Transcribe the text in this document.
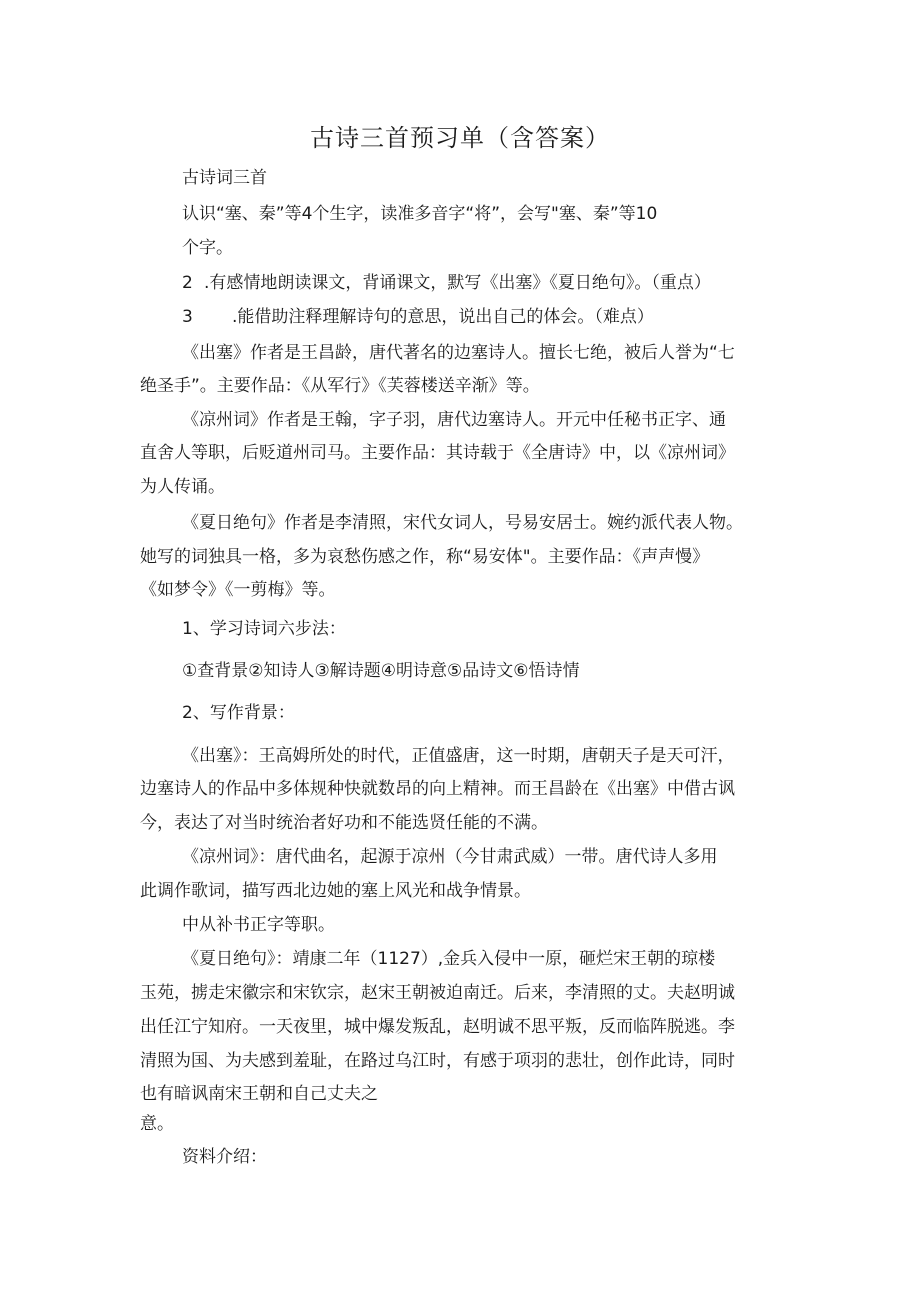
古诗三首预习单（含答案）
古诗词三首
认识“塞、秦”等4个生字，读准多音字“将”，会写"塞、秦”等10
个字。
2 .有感情地朗读课文，背诵课文，默写《出塞》《夏日绝句》。（重点）
3 .能借助注释理解诗句的意思，说出自己的体会。（难点）
《出塞》作者是王昌龄，唐代著名的边塞诗人。擅长七绝，被后人誉为“七
绝圣手”。主要作品：《从军行》《芙蓉楼送辛渐》等。
《凉州词》作者是王翰，字子羽，唐代边塞诗人。开元中任秘书正字、通
直舍人等职，后贬道州司马。主要作品：其诗载于《全唐诗》中，以《凉州词》
为人传诵。
《夏日绝句》作者是李清照，宋代女词人，号易安居士。婉约派代表人物。
她写的词独具一格，多为哀愁伤感之作，称“易安体"。主要作品：《声声慢》
《如梦令》《一剪梅》等。
1、学习诗词六步法：
①查背景②知诗人③解诗题④明诗意⑤品诗文⑥悟诗情
2、写作背景：
《出塞》：王高姆所处的时代，正值盛唐，这一时期，唐朝天子是天可汗，
边塞诗人的作品中多体规种快就数昂的向上精神。而王昌龄在《出塞》中借古讽
今，表达了对当时统治者好功和不能选贤任能的不满。
《凉州词》：唐代曲名，起源于凉州（今甘肃武威）一带。唐代诗人多用
此调作歌词，描写西北边她的塞上风光和战争情景。
中从补书正字等职。
《夏日绝句》：靖康二年（1127）,金兵入侵中一原，砸烂宋王朝的琼楼
玉苑，掳走宋徽宗和宋钦宗，赵宋王朝被迫南迁。后来，李清照的丈。夫赵明诚
出任江宁知府。一天夜里，城中爆发叛乱，赵明诚不思平叛，反而临阵脱逃。李
清照为国、为夫感到羞耻，在路过乌江时，有感于项羽的悲壮，创作此诗，同时
也有暗讽南宋王朝和自己丈夫之
意。
资料介绍：
